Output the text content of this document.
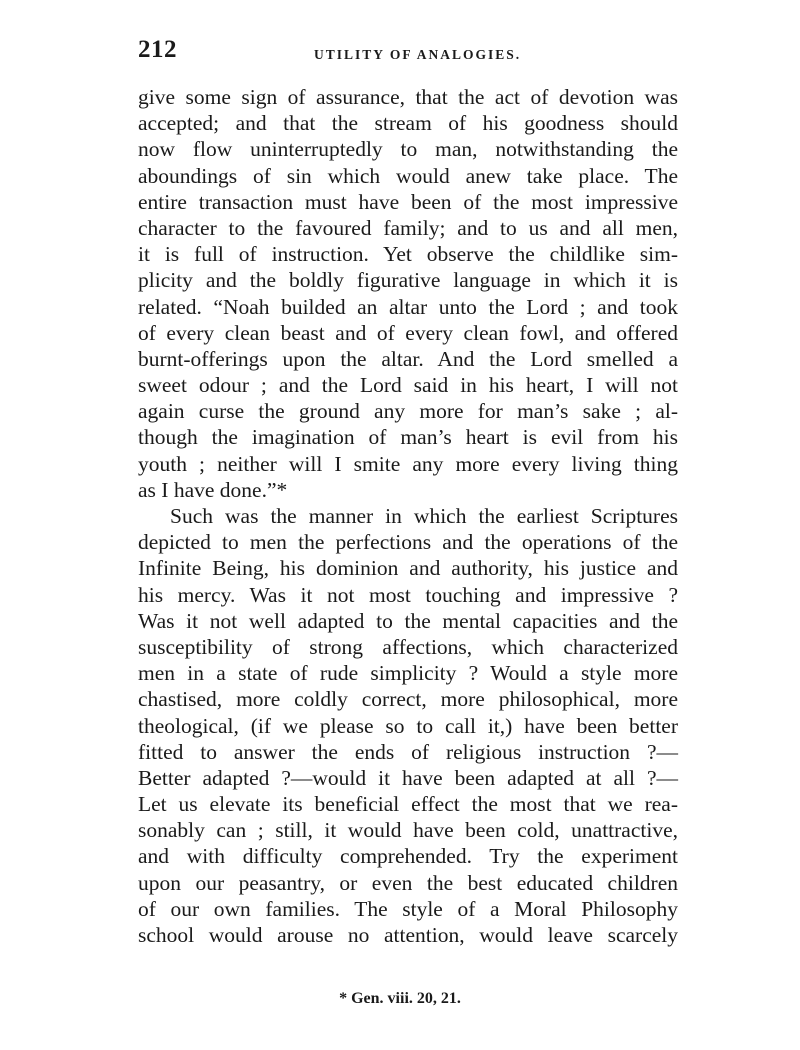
212	UTILITY OF ANALOGIES.
give some sign of assurance, that the act of devotion was
accepted; and that the stream of his goodness should
now flow uninterruptedly to man, notwithstanding the
aboundings of sin which would anew take place. The
entire transaction must have been of the most impressive
character to the favoured family; and to us and all men,
it is full of instruction. Yet observe the childlike sim-
plicity and the boldly figurative language in which it is
related. “Noah builded an altar unto the Lord ; and took
of every clean beast and of every clean fowl, and offered
burnt-offerings upon the altar. And the Lord smelled a
sweet odour ; and the Lord said in his heart, I will not
again curse the ground any more for man’s sake ; al-
though the imagination of man’s heart is evil from his
youth ; neither will I smite any more every living thing
as I have done.”*
Such was the manner in which the earliest Scriptures
depicted to men the perfections and the operations of the
Infinite Being, his dominion and authority, his justice and
his mercy. Was it not most touching and impressive ?
Was it not well adapted to the mental capacities and the
susceptibility of strong affections, which characterized
men in a state of rude simplicity ? Would a style more
chastised, more coldly correct, more philosophical, more
theological, (if we please so to call it,) have been better
fitted to answer the ends of religious instruction ?—
Better adapted ?—would it have been adapted at all ?—
Let us elevate its beneficial effect the most that we rea-
sonably can ; still, it would have been cold, unattractive,
and with difficulty comprehended. Try the experiment
upon our peasantry, or even the best educated children
of our own families. The style of a Moral Philosophy
school would arouse no attention, would leave scarcely
* Gen. viii. 20, 21.
